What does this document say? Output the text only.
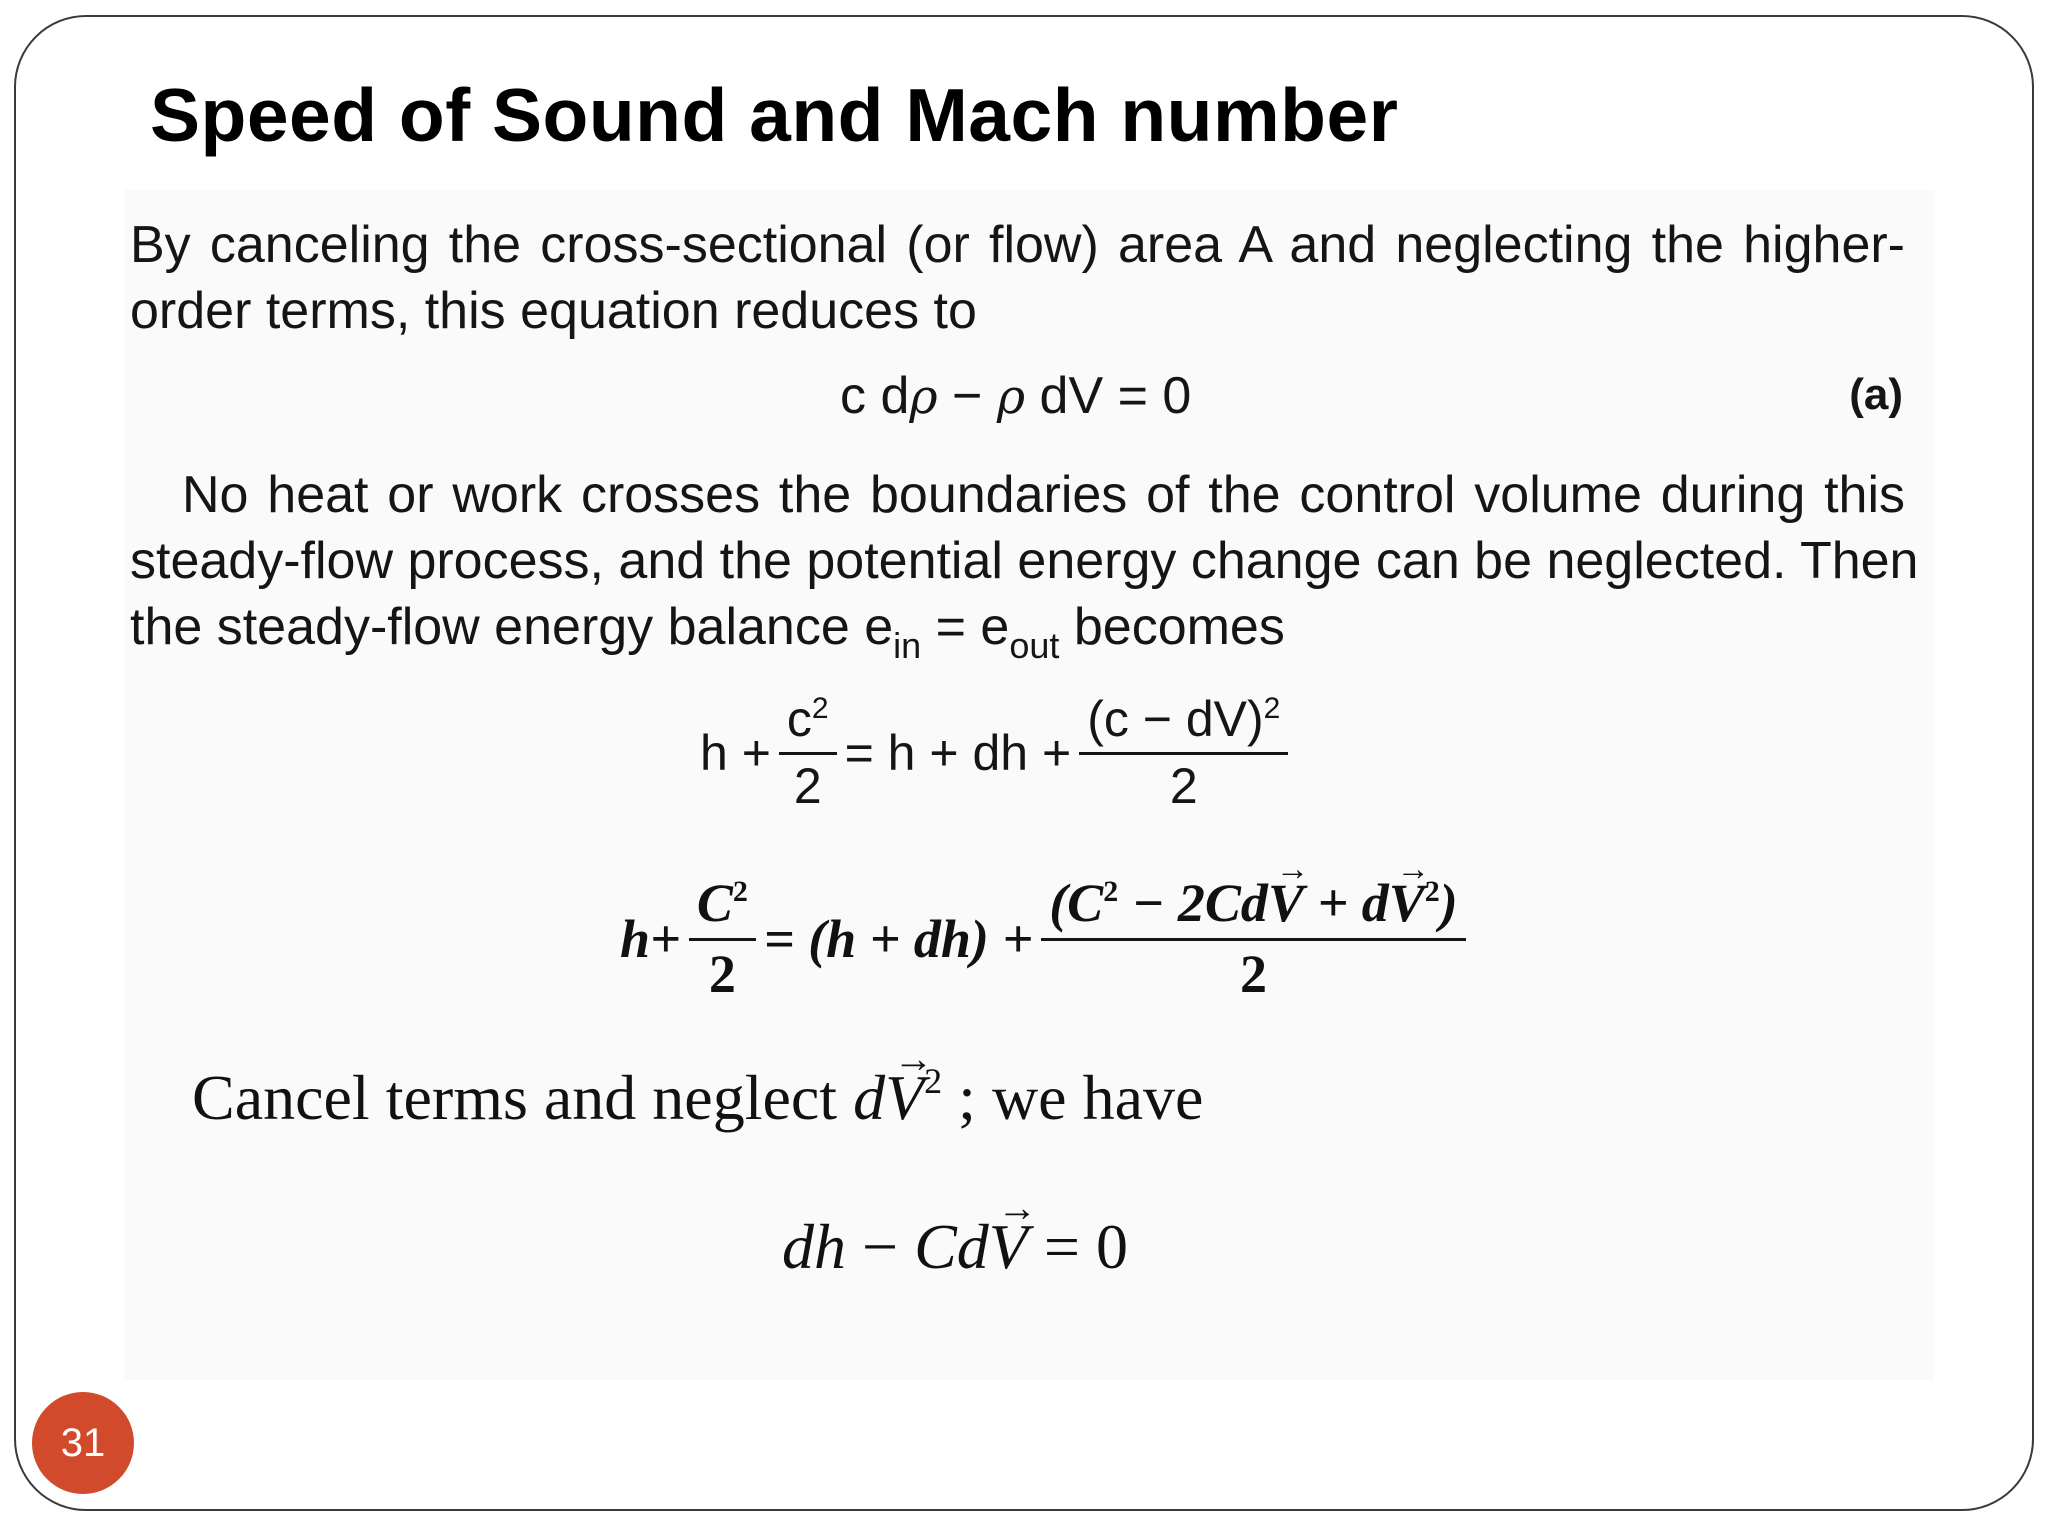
Speed of Sound and Mach number
By canceling the cross-sectional (or flow) area A and neglecting the higher-
order terms, this equation reduces to
c dρ − ρ dV = 0	(a)
No heat or work crosses the boundaries of the control volume during this
steady-flow process, and the potential energy change can be neglected. Then
the steady-flow energy balance $e_{in} = e_{out}$ becomes
$h + \frac{c^2}{2} = h$ + dh + $\frac{(c - dV)^2}{2}$
$h+ \frac{C^2}{2} = (h + dh) + \frac{(C^2 - 2Cd\to V + d\to V^2)}{2}$
Cancel terms and neglect $d\to V^2$ ; we have
dh − Cd→ V = 0
31
